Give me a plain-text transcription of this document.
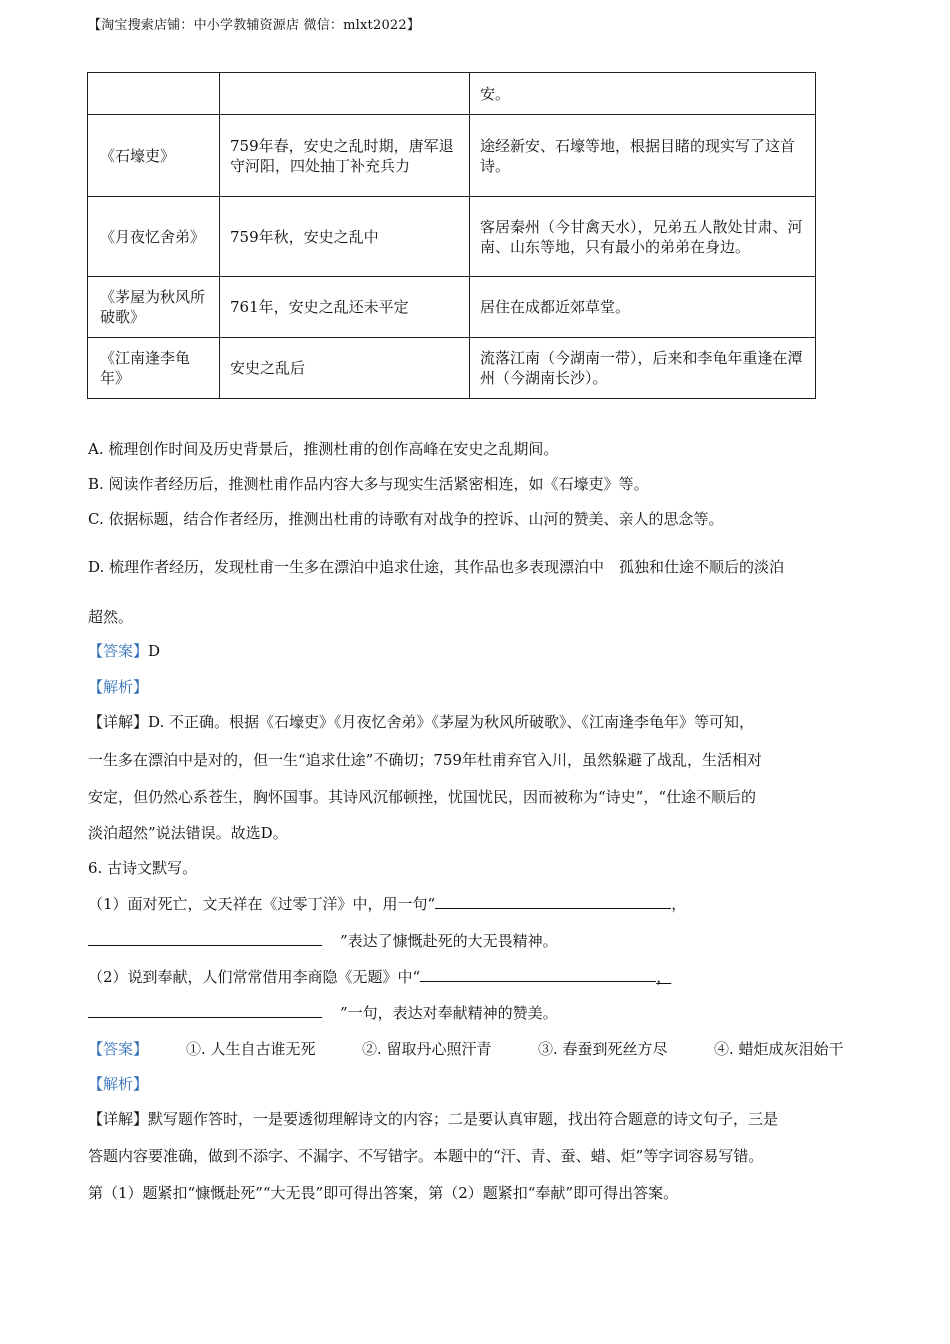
【淘宝搜索店铺：中小学教辅资源店 微信：mlxt2022】
		安。
《石壕吏》	759年春，安史之乱时期，唐军退守河阳，四处抽丁补充兵力	途经新安、石壕等地，根据目睹的现实写了这首诗。
《月夜忆舍弟》	759年秋，安史之乱中	客居秦州（今甘禽天水），兄弟五人散处甘肃、河南、山东等地，只有最小的弟弟在身边。
《茅屋为秋风所破歌》	761年，安史之乱还未平定	居住在成都近郊草堂。
《江南逢李龟年》	安史之乱后	流落江南（今湖南一带），后来和李龟年重逢在潭州（今湖南长沙）。
A. 梳理创作时间及历史背景后，推测杜甫的创作高峰在安史之乱期间。
B. 阅读作者经历后，推测杜甫作品内容大多与现实生活紧密相连，如《石壕吏》等。
C. 依据标题，结合作者经历，推测出杜甫的诗歌有对战争的控诉、山河的赞美、亲人的思念等。
D. 梳理作者经历，发现杜甫一生多在漂泊中追求仕途，其作品也多表现漂泊中　孤独和仕途不顺后的淡泊
超然。
【答案】D
【解析】
【详解】D. 不正确。根据《石壕吏》《月夜忆舍弟》《茅屋为秋风所破歌》、《江南逢李龟年》等可知，
一生多在漂泊中是对的，但一生“追求仕途”不确切；759年杜甫弃官入川，虽然躲避了战乱，生活相对
安定，但仍然心系苍生，胸怀国事。其诗风沉郁顿挫，忧国忧民，因而被称为“诗史”，“仕途不顺后的
淡泊超然”说法错误。故选D。
6. 古诗文默写。
（1）面对死亡，文天祥在《过零丁洋》中，用一句“	，
”表达了慷慨赴死的大无畏精神。
（2）说到奉献，人们常常借用李商隐《无题》中“	，
”一句，表达对奉献精神的赞美。
【答案】	①. 人生自古谁无死	②. 留取丹心照汗青	③. 春蚕到死丝方尽	④. 蜡炬成灰泪始干
【解析】
【详解】默写题作答时，一是要透彻理解诗文的内容；二是要认真审题，找出符合题意的诗文句子，三是
答题内容要准确，做到不添字、不漏字、不写错字。本题中的“汗、青、蚕、蜡、炬”等字词容易写错。
第（1）题紧扣“慷慨赴死”“大无畏”即可得出答案，第（2）题紧扣“奉献”即可得出答案。
